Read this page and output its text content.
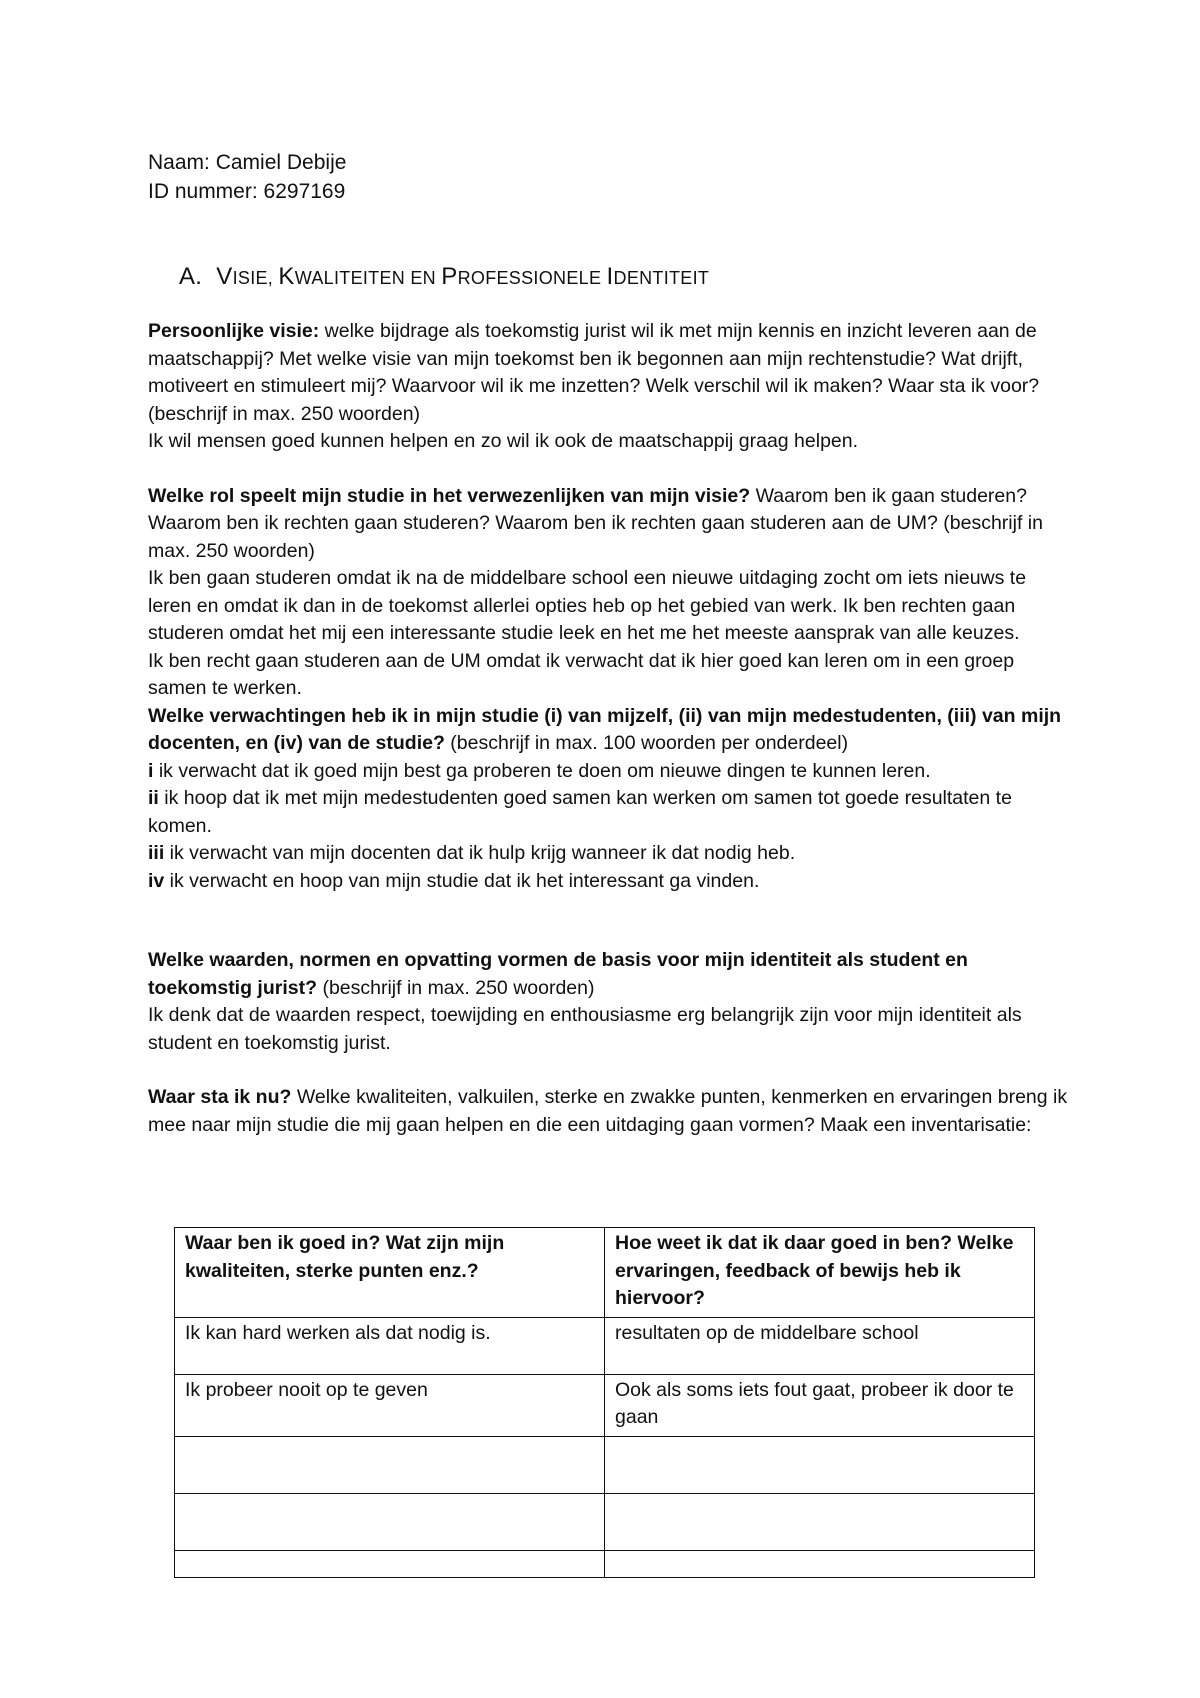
Naam: Camiel Debije

ID nummer: 6297169

A. VISIE, KWALITEITEN EN PROFESSIONELE IDENTITEIT

Persoonlijke visie: welke bijdrage als toekomstig jurist wil ik met mijn kennis en inzicht leveren aan de maatschappij? Met welke visie van mijn toekomst ben ik begonnen aan mijn rechtenstudie? Wat drijft, motiveert en stimuleert mij? Waarvoor wil ik me inzetten? Welk verschil wil ik maken? Waar sta ik voor? (beschrijf in max. 250 woorden)

Ik wil mensen goed kunnen helpen en zo wil ik ook de maatschappij graag helpen.

Welke rol speelt mijn studie in het verwezenlijken van mijn visie? Waarom ben ik gaan studeren? Waarom ben ik rechten gaan studeren? Waarom ben ik rechten gaan studeren aan de UM? (beschrijf in max. 250 woorden)

Ik ben gaan studeren omdat ik na de middelbare school een nieuwe uitdaging zocht om iets nieuws te leren en omdat ik dan in de toekomst allerlei opties heb op het gebied van werk. Ik ben rechten gaan studeren omdat het mij een interessante studie leek en het me het meeste aansprak van alle keuzes.

Ik ben recht gaan studeren aan de UM omdat ik verwacht dat ik hier goed kan leren om in een groep samen te werken.

Welke verwachtingen heb ik in mijn studie (i) van mijzelf, (ii) van mijn medestudenten, (iii) van mijn docenten, en (iv) van de studie? (beschrijf in max. 100 woorden per onderdeel)

i ik verwacht dat ik goed mijn best ga proberen te doen om nieuwe dingen te kunnen leren.

ii ik hoop dat ik met mijn medestudenten goed samen kan werken om samen tot goede resultaten te komen.

iii ik verwacht van mijn docenten dat ik hulp krijg wanneer ik dat nodig heb.

iv ik verwacht en hoop van mijn studie dat ik het interessant ga vinden.

Welke waarden, normen en opvatting vormen de basis voor mijn identiteit als student en toekomstig jurist? (beschrijf in max. 250 woorden)

Ik denk dat de waarden respect, toewijding en enthousiasme erg belangrijk zijn voor mijn identiteit als student en toekomstig jurist.

Waar sta ik nu? Welke kwaliteiten, valkuilen, sterke en zwakke punten, kenmerken en ervaringen breng ik mee naar mijn studie die mij gaan helpen en die een uitdaging gaan vormen? Maak een inventarisatie:

Waar ben ik goed in? Wat zijn mijn kwaliteiten, sterke punten enz.?	Hoe weet ik dat ik daar goed in ben? Welke ervaringen, feedback of bewijs heb ik hiervoor?
Ik kan hard werken als dat nodig is.	resultaten op de middelbare school
Ik probeer nooit op te geven	Ook als soms iets fout gaat, probeer ik door te gaan
